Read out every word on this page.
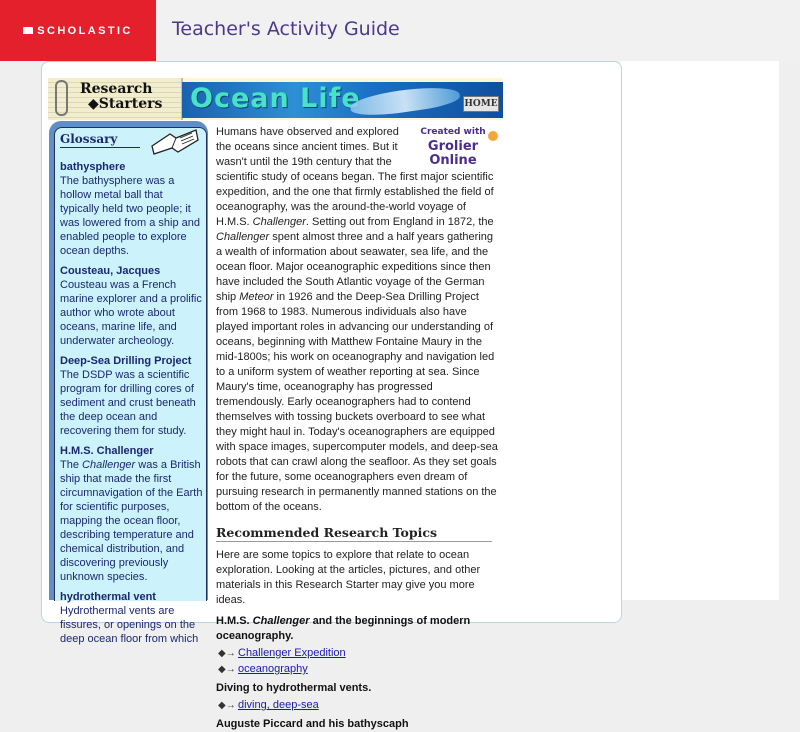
SCHOLASTIC Teacher's Activity Guide
Research
◆Starters Ocean Life	HOME
Glossary
bathysphere
The bathysphere was a hollow metal ball that typically held two people; it was lowered from a ship and enabled people to explore ocean depths.
Cousteau, Jacques
Cousteau was a French marine explorer and a prolific author who wrote about oceans, marine life, and underwater archeology.
Deep-Sea Drilling Project
The DSDP was a scientific program for drilling cores of sediment and crust beneath the deep ocean and recovering them for study.
H.M.S. Challenger
The Challenger was a British ship that made the first circumnavigation of the Earth for scientific purposes, mapping the ocean floor, describing temperature and chemical distribution, and discovering previously unknown species.
hydrothermal vent
Hydrothermal vents are fissures, or openings on the deep ocean floor from which
Created with
Grolier Online

Humans have observed and explored the oceans since ancient times. But it wasn't until the 19th century that the scientific study of oceans began. The first major scientific expedition, and the one that firmly established the field of oceanography, was the around-the-world voyage of H.M.S. Challenger. Setting out from England in 1872, the Challenger spent almost three and a half years gathering a wealth of information about seawater, sea life, and the ocean floor. Major oceanographic expeditions since then have included the South Atlantic voyage of the German ship Meteor in 1926 and the Deep-Sea Drilling Project from 1968 to 1983. Numerous individuals also have played important roles in advancing our understanding of oceans, beginning with Matthew Fontaine Maury in the mid-1800s; his work on oceanography and navigation led to a uniform system of weather reporting at sea. Since Maury's time, oceanography has progressed tremendously. Early oceanographers had to contend themselves with tossing buckets overboard to see what they might haul in. Today's oceanographers are equipped with space images, supercomputer models, and deep-sea robots that can crawl along the seafloor. As they set goals for the future, some oceanographers even dream of pursuing research in permanently manned stations on the bottom of the oceans.

Recommended Research Topics

Here are some topics to explore that relate to ocean exploration. Looking at the articles, pictures, and other materials in this Research Starter may give you more ideas.

H.M.S. Challenger and the beginnings of modern oceanography.

◆→ Challenger Expedition
◆→ oceanography

Diving to hydrothermal vents.

◆→ diving, deep-sea

Auguste Piccard and his bathyscaph
